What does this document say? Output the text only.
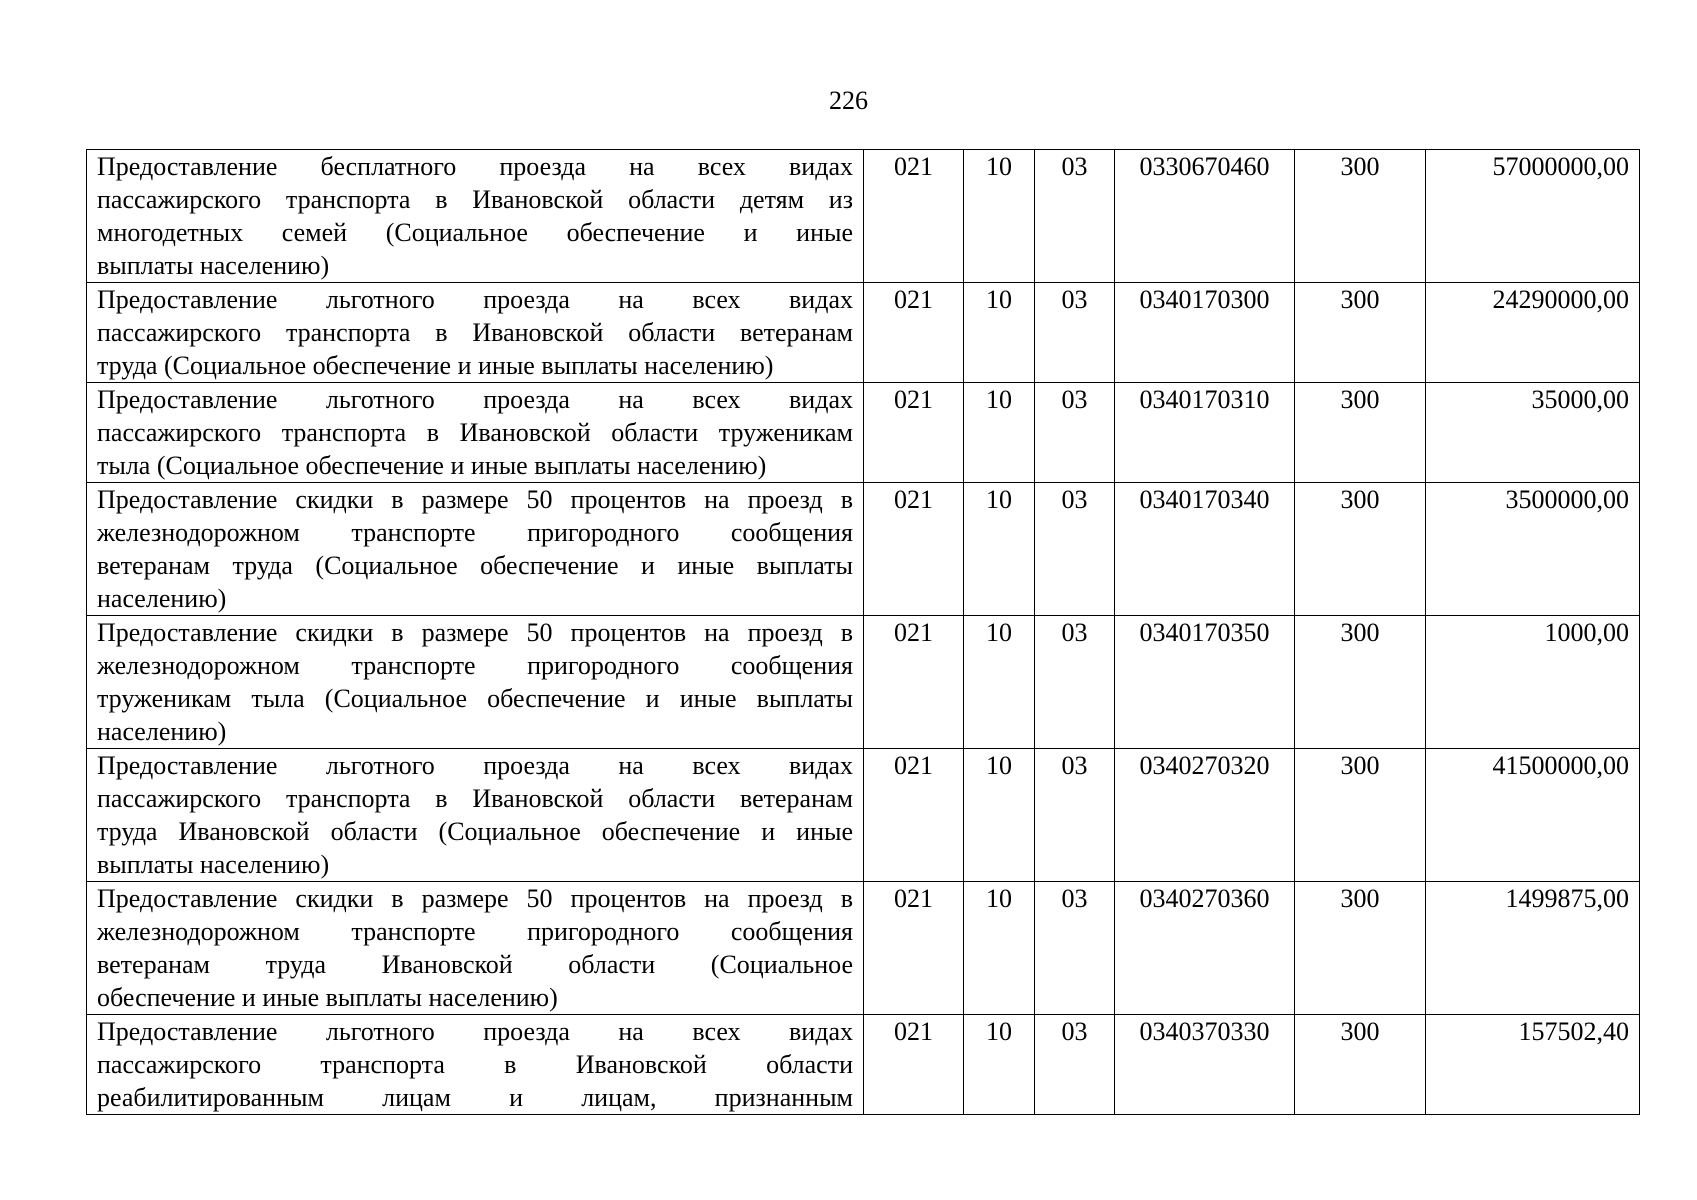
226
Предоставление бесплатного проезда на всех видах
пассажирского транспорта в Ивановской области детям из
многодетных семей (Социальное обеспечение и иные
выплаты населению)	021	10	03	0330670460	300	57000000,00

Предоставление льготного проезда на всех видах
пассажирского транспорта в Ивановской области ветеранам
труда (Социальное обеспечение и иные выплаты населению)	021	10	03	0340170300	300	24290000,00

Предоставление льготного проезда на всех видах
пассажирского транспорта в Ивановской области труженикам
тыла (Социальное обеспечение и иные выплаты населению)	021	10	03	0340170310	300	35000,00

Предоставление скидки в размере 50 процентов на проезд в
железнодорожном транспорте пригородного сообщения
ветеранам труда (Социальное обеспечение и иные выплаты
населению)	021	10	03	0340170340	300	3500000,00

Предоставление скидки в размере 50 процентов на проезд в
железнодорожном транспорте пригородного сообщения
труженикам тыла (Социальное обеспечение и иные выплаты
населению)	021	10	03	0340170350	300	1000,00

Предоставление льготного проезда на всех видах
пассажирского транспорта в Ивановской области ветеранам
труда Ивановской области (Социальное обеспечение и иные
выплаты населению)	021	10	03	0340270320	300	41500000,00

Предоставление скидки в размере 50 процентов на проезд в
железнодорожном транспорте пригородного сообщения
ветеранам труда Ивановской области (Социальное
обеспечение и иные выплаты населению)	021	10	03	0340270360	300	1499875,00

Предоставление льготного проезда на всех видах
пассажирского транспорта в Ивановской области
реабилитированным лицам и лицам, признанным	021	10	03	0340370330	300	157502,40
